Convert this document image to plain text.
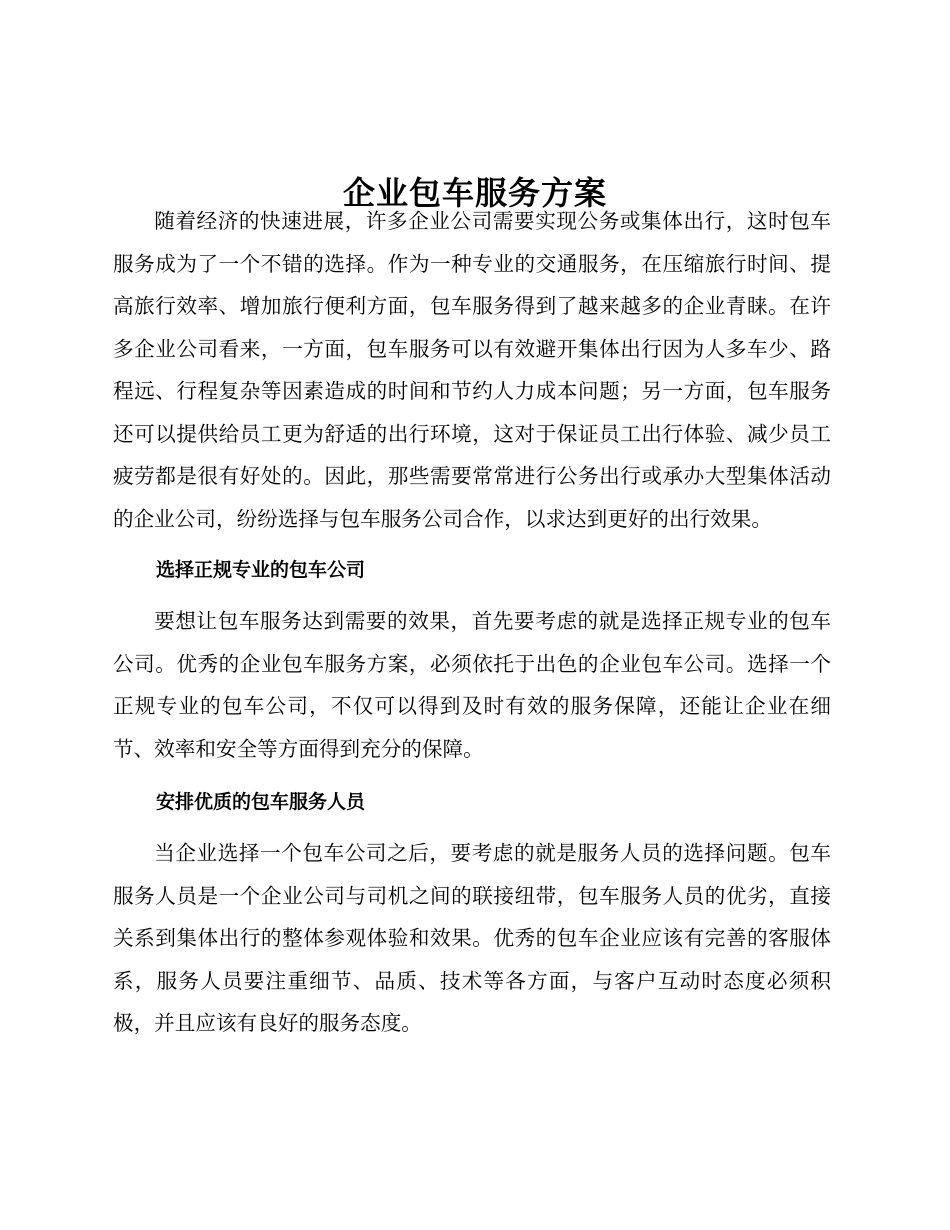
企业包车服务方案

随着经济的快速进展，许多企业公司需要实现公务或集体出行，这时包车服务成为了一个不错的选择。作为一种专业的交通服务，在压缩旅行时间、提高旅行效率、增加旅行便利方面，包车服务得到了越来越多的企业青睐。在许多企业公司看来，一方面，包车服务可以有效避开集体出行因为人多车少、路程远、行程复杂等因素造成的时间和节约人力成本问题；另一方面，包车服务还可以提供给员工更为舒适的出行环境，这对于保证员工出行体验、减少员工疲劳都是很有好处的。因此，那些需要常常进行公务出行或承办大型集体活动的企业公司，纷纷选择与包车服务公司合作，以求达到更好的出行效果。

选择正规专业的包车公司

要想让包车服务达到需要的效果，首先要考虑的就是选择正规专业的包车公司。优秀的企业包车服务方案，必须依托于出色的企业包车公司。选择一个正规专业的包车公司，不仅可以得到及时有效的服务保障，还能让企业在细节、效率和安全等方面得到充分的保障。

安排优质的包车服务人员

当企业选择一个包车公司之后，要考虑的就是服务人员的选择问题。包车服务人员是一个企业公司与司机之间的联接纽带，包车服务人员的优劣，直接关系到集体出行的整体参观体验和效果。优秀的包车企业应该有完善的客服体系，服务人员要注重细节、品质、技术等各方面，与客户互动时态度必须积极，并且应该有良好的服务态度。
